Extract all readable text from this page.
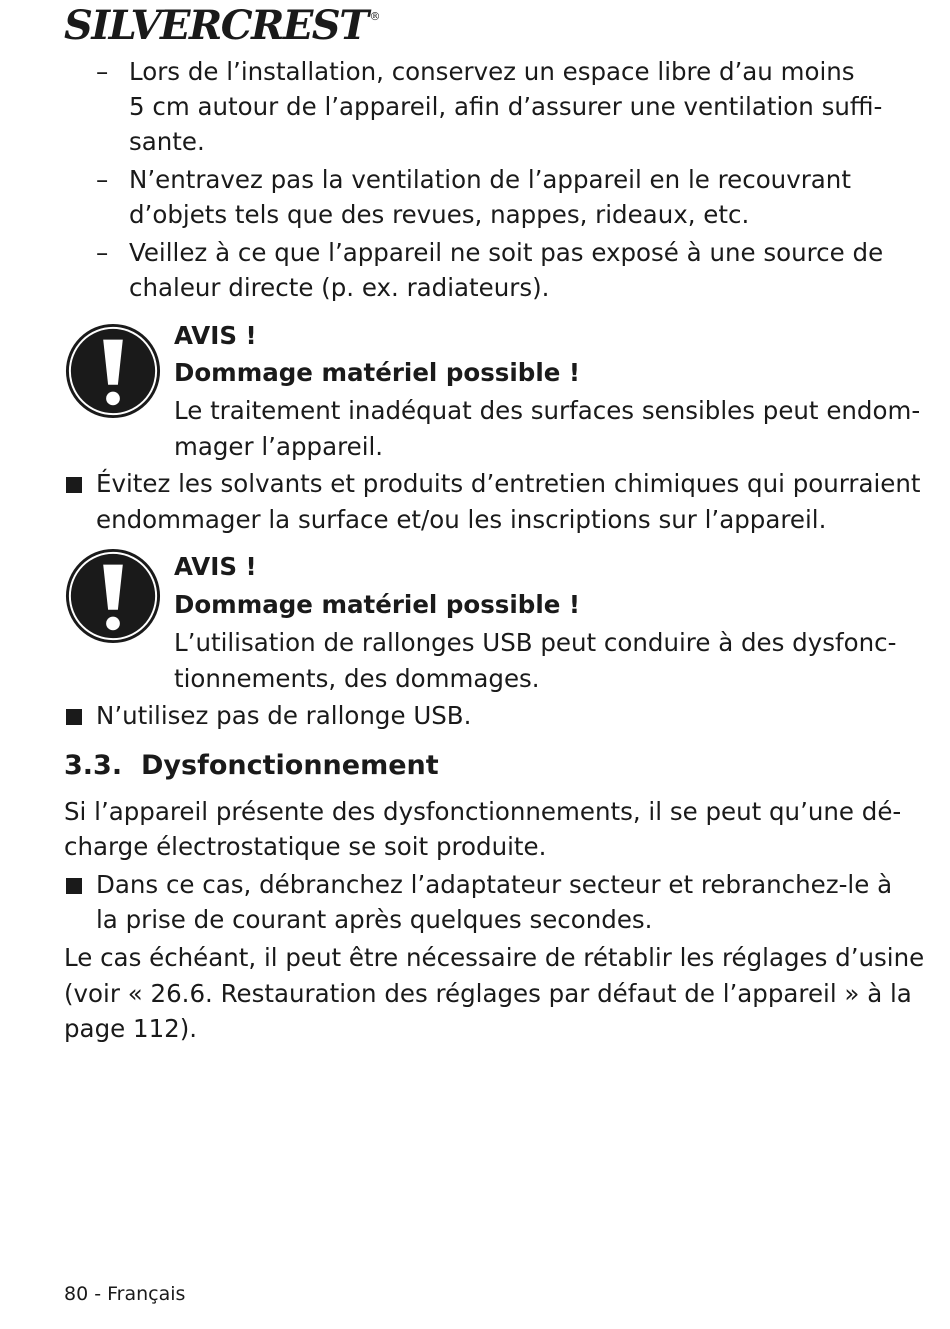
SILVERCREST ®
– Lors de l’installation, conservez un espace libre d’au moins
5 cm autour de l’appareil, afin d’assurer une ventilation suffi-
sante.
– N’entravez pas la ventilation de l’appareil en le recouvrant
d’objets tels que des revues, nappes, rideaux, etc.
– Veillez à ce que l’appareil ne soit pas exposé à une source de
chaleur directe (p. ex. radiateurs).
AVIS !
Dommage matériel possible !
Le traitement inadéquat des surfaces sensibles peut endom-
mager l’appareil.
Évitez les solvants et produits d’entretien chimiques qui pourraient
endommager la surface et/ou les inscriptions sur l’appareil.
AVIS !
Dommage matériel possible !
L’utilisation de rallonges USB peut conduire à des dysfonc-
tionnements, des dommages.
N’utilisez pas de rallonge USB.
3.3. Dysfonctionnement
Si l’appareil présente des dysfonctionnements, il se peut qu’une dé-
charge électrostatique se soit produite.
Dans ce cas, débranchez l’adaptateur secteur et rebranchez-le à
la prise de courant après quelques secondes.
Le cas échéant, il peut être nécessaire de rétablir les réglages d’usine
(voir « 26.6. Restauration des réglages par défaut de l’appareil » à la
page 112).
80 - Français
